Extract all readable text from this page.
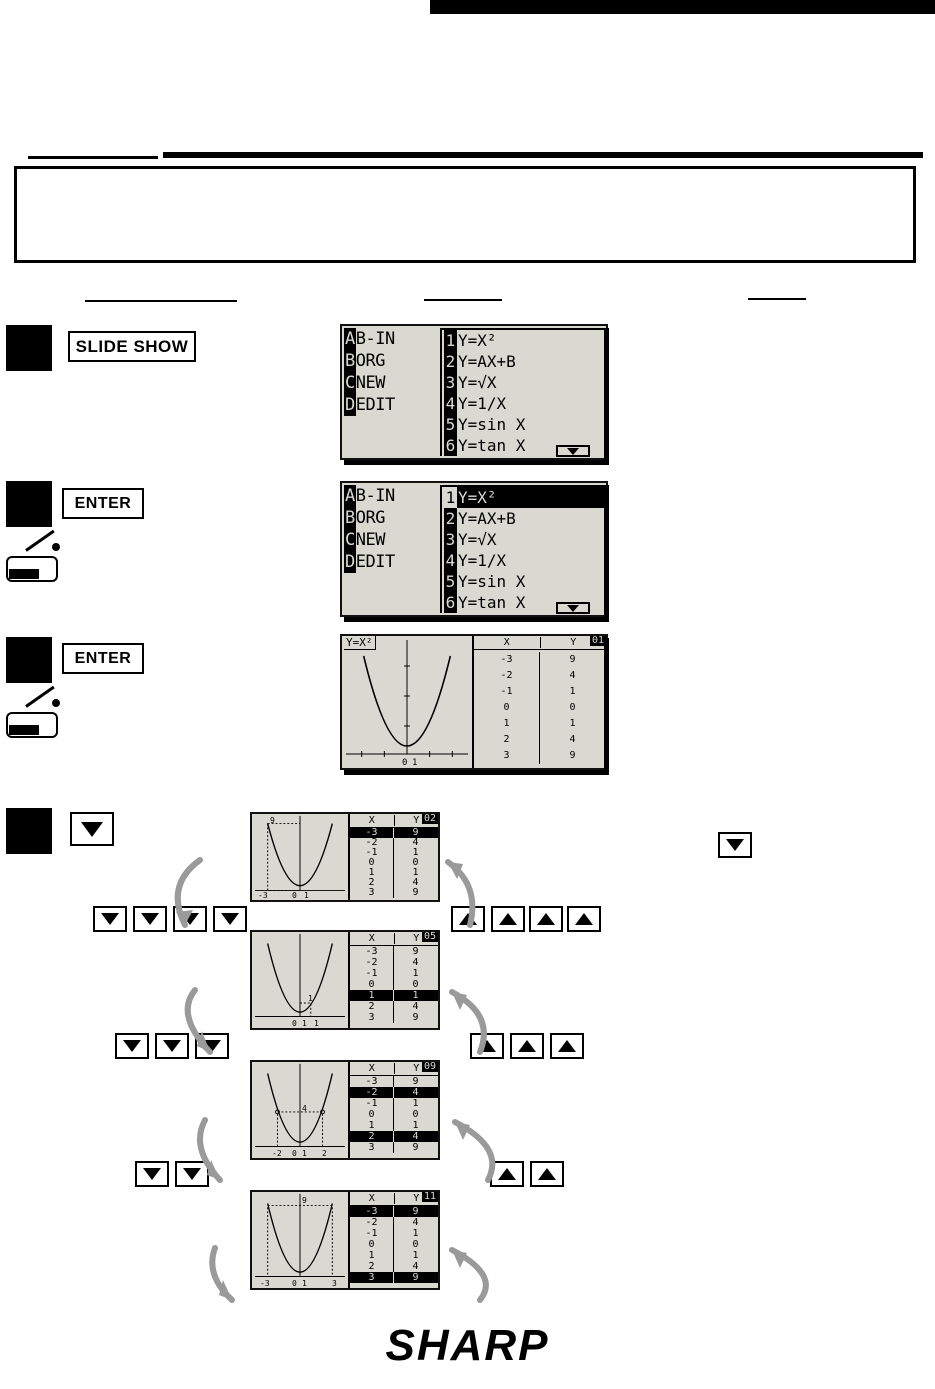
SLIDE SHOW	AB-IN
BORG
CNEW
DEDIT
1 Y=X²
2 Y=AX+B
3 Y=√X
4 Y=1/X
5 Y=sin X
6 Y=tan X
ENTER	AB-IN
BORG
CNEW
DEDIT
1 Y=X²
2 Y=AX+B
3 Y=√X
4 Y=1/X
5 Y=sin X
6 Y=tan X
ENTER
Y=X²
0 1
X	Y	01
-3	9
-2	4
-1	1
0	0
1	1
2	4
3	9
9
-3	0 1
X	Y 02
-3	9
-2	4
-1	1
0	0
1	1
2	4
3	9
1
0 1 1
X	Y 05
-3	9
-2	4
-1	1
0	0
1	1
2	4
3	9
4
-2 0 1 2
X	Y 09
-3	9
-2	4
-1	1
0	0
1	1
2	4
3	9
9
-3	0 1	3
X	Y 11
-3	9
-2	4
-1	1
0	0
1	1
2	4
3	9
SHARP
